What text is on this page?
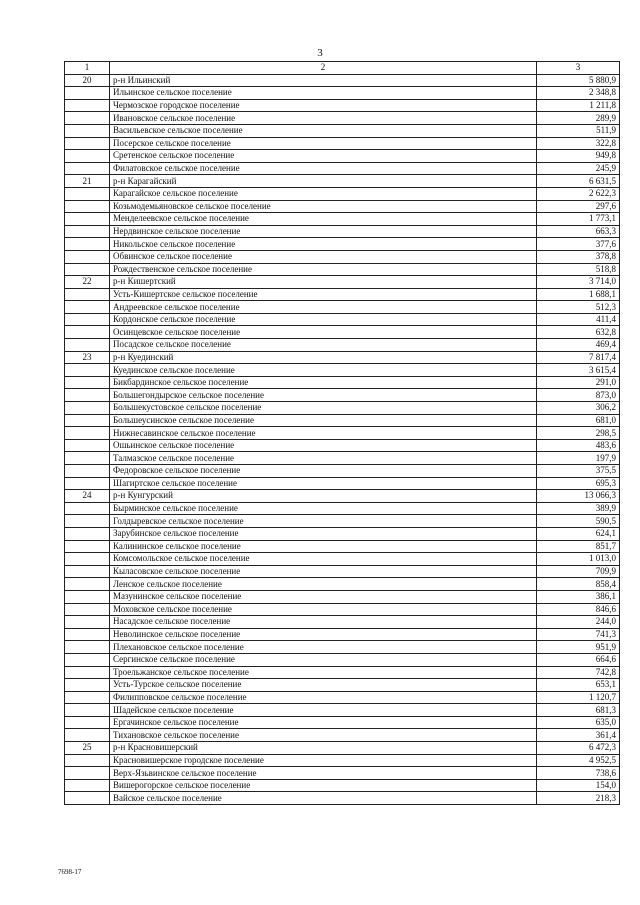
3
1	2	3
20	р-н Ильинский	5 880,9
	Ильинское сельское поселение	2 348,8
	Чермозское городское поселение	1 211,8
	Ивановское сельское поселение	289,9
	Васильевское сельское поселение	511,9
	Посерское сельское поселение	322,8
	Сретенское сельское поселение	949,8
	Филатовское сельское поселение	245,9
21	р-н Карагайский	6 631,5
	Карагайское сельское поселение	2 622,3
	Козьмодемьяновское сельское поселение	297,6
	Менделеевское сельское поселение	1 773,1
	Нердвинское сельское поселение	663,3
	Никольское сельское поселение	377,6
	Обвинское сельское поселение	378,8
	Рождественское сельское поселение	518,8
22	р-н Кишертский	3 714,0
	Усть-Кишертское сельское поселение	1 688,1
	Андреевское сельское поселение	512,3
	Кордонское сельское поселение	411,4
	Осинцевское сельское поселение	632,8
	Посадское сельское поселение	469,4
23	р-н Куединский	7 817,4
	Куединское сельское поселение	3 615,4
	Бикбардинское сельское поселение	291,0
	Большегондырское сельское поселение	873,0
	Большекустовское сельское поселение	306,2
	Большеусинское сельское поселение	681,0
	Нижнесавинское сельское поселение	298,5
	Ошьинское сельское поселение	483,6
	Талмазское сельское поселение	197,9
	Федоровское сельское поселение	375,5
	Шагиртское сельское поселение	695,3
24	р-н Кунгурский	13 066,3
	Бырминское сельское поселение	389,9
	Голдыревское сельское поселение	590,5
	Зарубинское сельское поселение	624,1
	Калининское сельское поселение	851,7
	Комсомольское сельское поселение	1 013,0
	Кыласовское сельское поселение	709,9
	Ленское сельское поселение	858,4
	Мазунинское сельское поселение	386,1
	Моховское сельское поселение	846,6
	Насадское сельское поселение	244,0
	Неволинское сельское поселение	741,3
	Плехановское сельское поселение	951,9
	Сергинское сельское поселение	664,6
	Троельжанское сельское поселение	742,8
	Усть-Турское сельское поселение	653,1
	Филипповское сельское поселение	1 120,7
	Шадейское сельское поселение	681,3
	Ергачинское сельское поселение	635,0
	Тихановское сельское поселение	361,4
25	р-н Красновишерский	6 472,3
	Красновишерское городское поселение	4 952,5
	Верх-Язьвинское сельское поселение	738,6
	Вишерогорское сельское поселение	154,0
	Вайское сельское поселение	218,3
7698-17
